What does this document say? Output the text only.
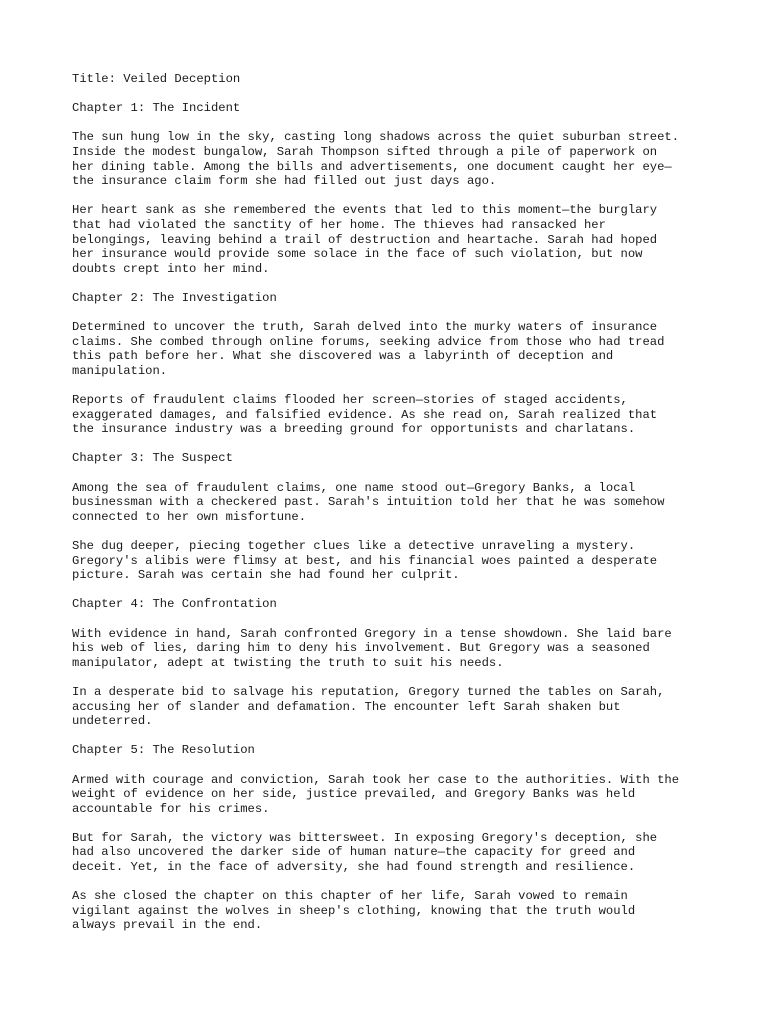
Title: Veiled Deception

Chapter 1: The Incident

The sun hung low in the sky, casting long shadows across the quiet suburban street.
Inside the modest bungalow, Sarah Thompson sifted through a pile of paperwork on
her dining table. Among the bills and advertisements, one document caught her eye—
the insurance claim form she had filled out just days ago.

Her heart sank as she remembered the events that led to this moment—the burglary
that had violated the sanctity of her home. The thieves had ransacked her
belongings, leaving behind a trail of destruction and heartache. Sarah had hoped
her insurance would provide some solace in the face of such violation, but now
doubts crept into her mind.

Chapter 2: The Investigation

Determined to uncover the truth, Sarah delved into the murky waters of insurance
claims. She combed through online forums, seeking advice from those who had tread
this path before her. What she discovered was a labyrinth of deception and
manipulation.

Reports of fraudulent claims flooded her screen—stories of staged accidents,
exaggerated damages, and falsified evidence. As she read on, Sarah realized that
the insurance industry was a breeding ground for opportunists and charlatans.

Chapter 3: The Suspect

Among the sea of fraudulent claims, one name stood out—Gregory Banks, a local
businessman with a checkered past. Sarah's intuition told her that he was somehow
connected to her own misfortune.

She dug deeper, piecing together clues like a detective unraveling a mystery.
Gregory's alibis were flimsy at best, and his financial woes painted a desperate
picture. Sarah was certain she had found her culprit.

Chapter 4: The Confrontation

With evidence in hand, Sarah confronted Gregory in a tense showdown. She laid bare
his web of lies, daring him to deny his involvement. But Gregory was a seasoned
manipulator, adept at twisting the truth to suit his needs.

In a desperate bid to salvage his reputation, Gregory turned the tables on Sarah,
accusing her of slander and defamation. The encounter left Sarah shaken but
undeterred.

Chapter 5: The Resolution

Armed with courage and conviction, Sarah took her case to the authorities. With the
weight of evidence on her side, justice prevailed, and Gregory Banks was held
accountable for his crimes.

But for Sarah, the victory was bittersweet. In exposing Gregory's deception, she
had also uncovered the darker side of human nature—the capacity for greed and
deceit. Yet, in the face of adversity, she had found strength and resilience.

As she closed the chapter on this chapter of her life, Sarah vowed to remain
vigilant against the wolves in sheep's clothing, knowing that the truth would
always prevail in the end.
